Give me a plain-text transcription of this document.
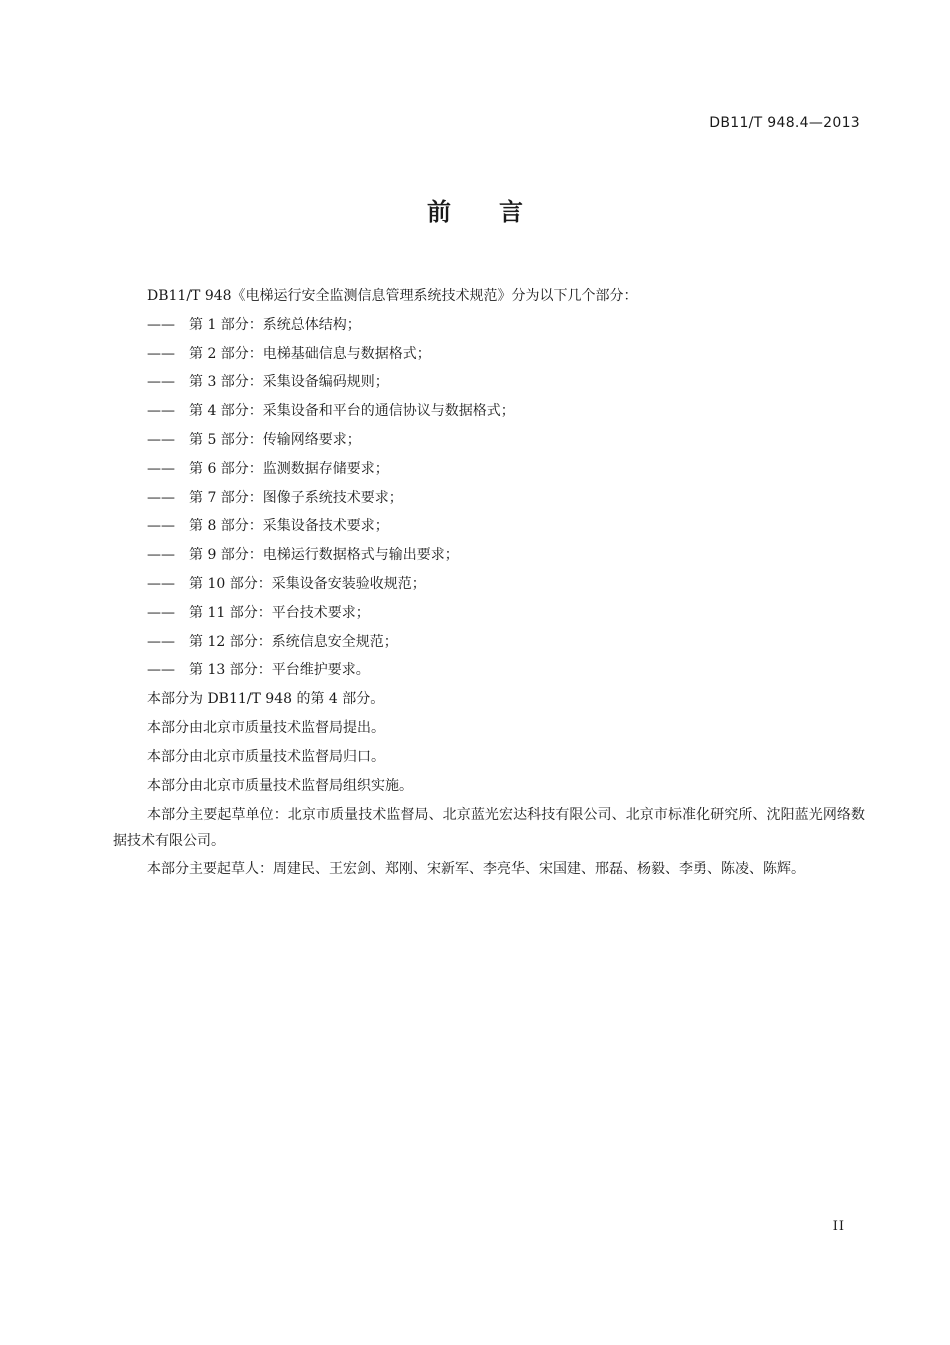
DB11/T 948.4—2013
前言

DB11/T 948《电梯运行安全监测信息管理系统技术规范》分为以下几个部分：

—— 第 1 部分：系统总体结构；

—— 第 2 部分：电梯基础信息与数据格式；

—— 第 3 部分：采集设备编码规则；

—— 第 4 部分：采集设备和平台的通信协议与数据格式；

—— 第 5 部分：传输网络要求；

—— 第 6 部分：监测数据存储要求；

—— 第 7 部分：图像子系统技术要求；

—— 第 8 部分：采集设备技术要求；

—— 第 9 部分：电梯运行数据格式与输出要求；

—— 第 10 部分：采集设备安装验收规范；

—— 第 11 部分：平台技术要求；

—— 第 12 部分：系统信息安全规范；

—— 第 13 部分：平台维护要求。

本部分为 DB11/T 948 的第 4 部分。

本部分由北京市质量技术监督局提出。

本部分由北京市质量技术监督局归口。

本部分由北京市质量技术监督局组织实施。

本部分主要起草单位：北京市质量技术监督局、北京蓝光宏达科技有限公司、北京市标准化研究所、沈阳蓝光网络数据技术有限公司。

本部分主要起草人：周建民、王宏剑、郑刚、宋新军、李亮华、宋国建、邢磊、杨毅、李勇、陈凌、陈辉。

II
